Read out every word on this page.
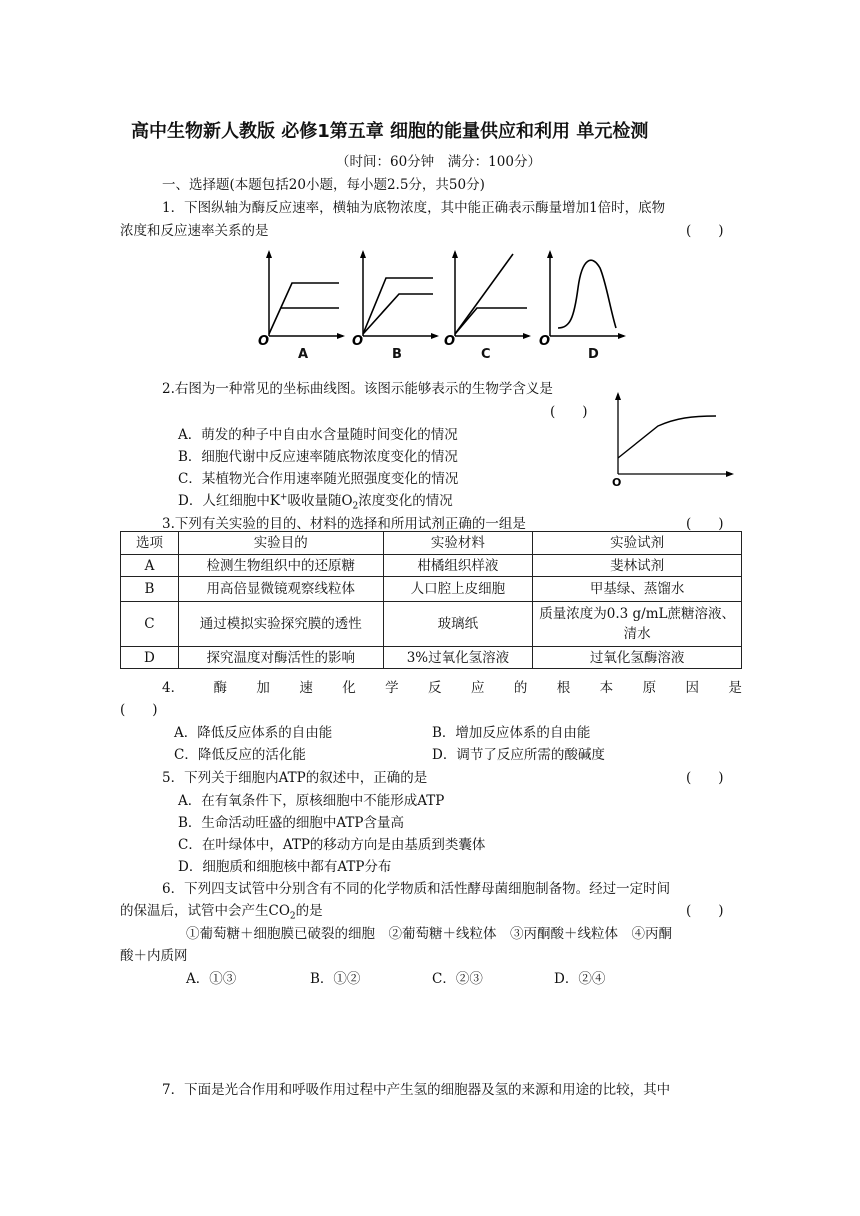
高中生物新人教版 必修1第五章 细胞的能量供应和利用 单元检测
（时间：60分钟　满分：100分）
一、选择题(本题包括20小题，每小题2.5分，共50分)
1．下图纵轴为酶反应速率，横轴为底物浓度，其中能正确表示酶量增加1倍时，底物
浓度和反应速率关系的是	(　　)
O
A
O
B
O
C
O
D
2.右图为一种常见的坐标曲线图。该图示能够表示的生物学含义是
(　　)
A．萌发的种子中自由水含量随时间变化的情况
B．细胞代谢中反应速率随底物浓度变化的情况
C．某植物光合作用速率随光照强度变化的情况
D．人红细胞中K+吸收量随$O_2$浓度变化的情况
O
3.下列有关实验的目的、材料的选择和所用试剂正确的一组是	(　　)
选项	实验目的	实验材料	实验试剂
A	检测生物组织中的还原糖	柑橘组织样液	斐林试剂
B	用高倍显微镜观察线粒体	人口腔上皮细胞	甲基绿、蒸馏水
C	通过模拟实验探究膜的透性	玻璃纸	质量浓度为0.3 g/mL蔗糖溶液、清水
D	探究温度对酶活性的影响	3%过氧化氢溶液	过氧化氢酶溶液
4． 酶 加 速 化 学 反 应 的 根 本 原 因 是
(　　)
A．降低反应体系的自由能	B．增加反应体系的自由能
C．降低反应的活化能	D．调节了反应所需的酸碱度
5．下列关于细胞内ATP的叙述中，正确的是	(　　)
A．在有氧条件下，原核细胞中不能形成ATP
B．生命活动旺盛的细胞中ATP含量高
C．在叶绿体中，ATP的移动方向是由基质到类囊体
D．细胞质和细胞核中都有ATP分布
6．下列四支试管中分别含有不同的化学物质和活性酵母菌细胞制备物。经过一定时间
的保温后，试管中会产生$CO_2$的是	(　　)
①葡萄糖＋细胞膜已破裂的细胞　②葡萄糖＋线粒体　③丙酮酸＋线粒体　④丙酮
酸＋内质网
A．①③	B．①②	C．②③	D．②④
7．下面是光合作用和呼吸作用过程中产生氢的细胞器及氢的来源和用途的比较，其中
